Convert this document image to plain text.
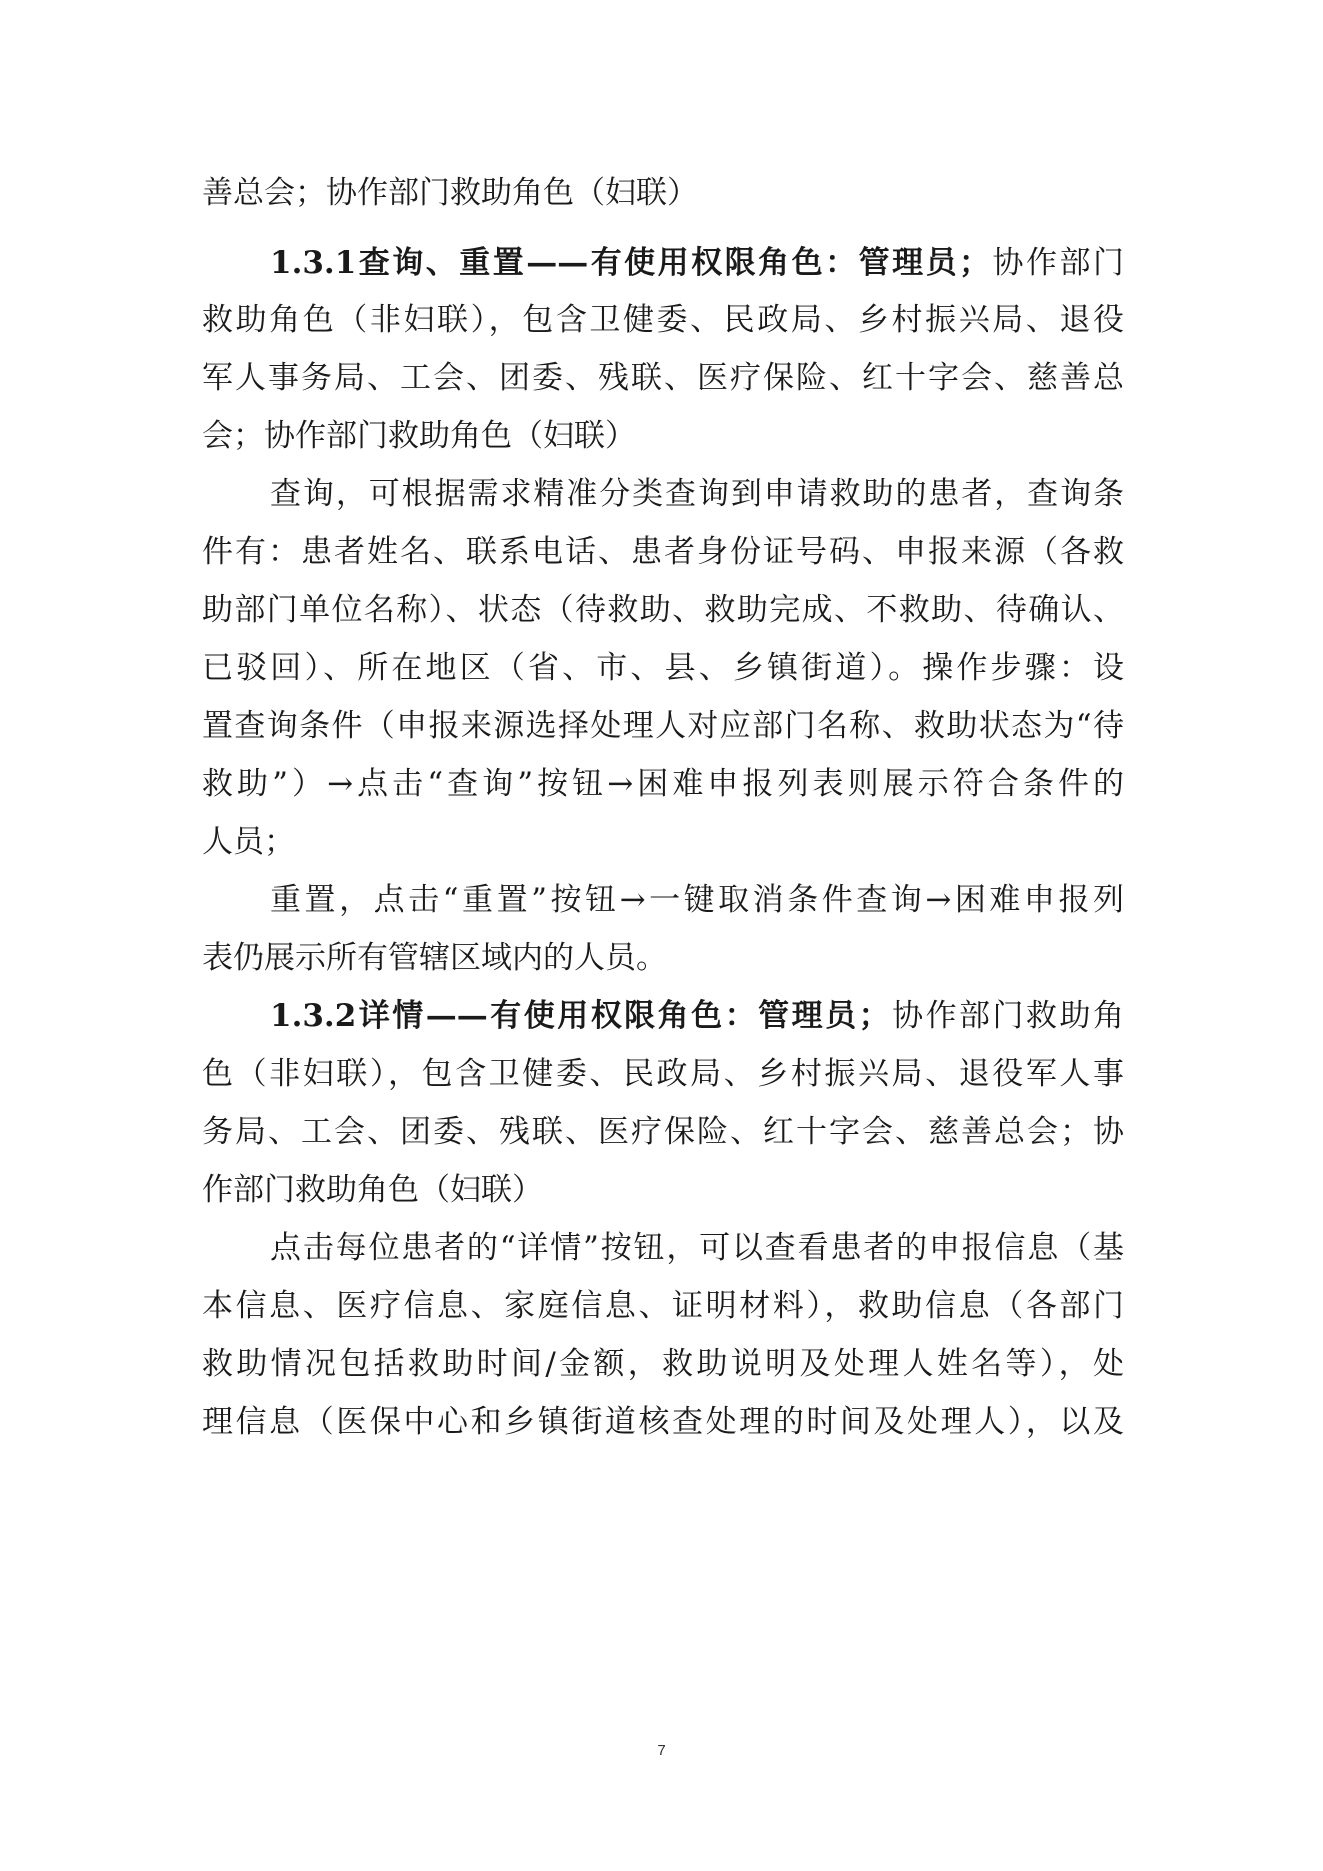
善总会；协作部门救助角色（妇联）
1.3.1查询、重置——有使用权限角色：管理员；协作部门
救助角色（非妇联），包含卫健委、民政局、乡村振兴局、退役
军人事务局、工会、团委、残联、医疗保险、红十字会、慈善总
会；协作部门救助角色（妇联）
查询，可根据需求精准分类查询到申请救助的患者，查询条
件有：患者姓名、联系电话、患者身份证号码、申报来源（各救
助部门单位名称）、状态（待救助、救助完成、不救助、待确认、
已驳回）、所在地区（省、市、县、乡镇街道）。操作步骤：设
置查询条件（申报来源选择处理人对应部门名称、救助状态为“待
救助”）→点击“查询”按钮→困难申报列表则展示符合条件的
人员；
重置，点击“重置”按钮→一键取消条件查询→困难申报列
表仍展示所有管辖区域内的人员。
1.3.2详情——有使用权限角色：管理员；协作部门救助角
色（非妇联），包含卫健委、民政局、乡村振兴局、退役军人事
务局、工会、团委、残联、医疗保险、红十字会、慈善总会；协
作部门救助角色（妇联）
点击每位患者的“详情”按钮，可以查看患者的申报信息（基
本信息、医疗信息、家庭信息、证明材料），救助信息（各部门
救助情况包括救助时间/金额，救助说明及处理人姓名等），处
理信息（医保中心和乡镇街道核查处理的时间及处理人），以及
7
